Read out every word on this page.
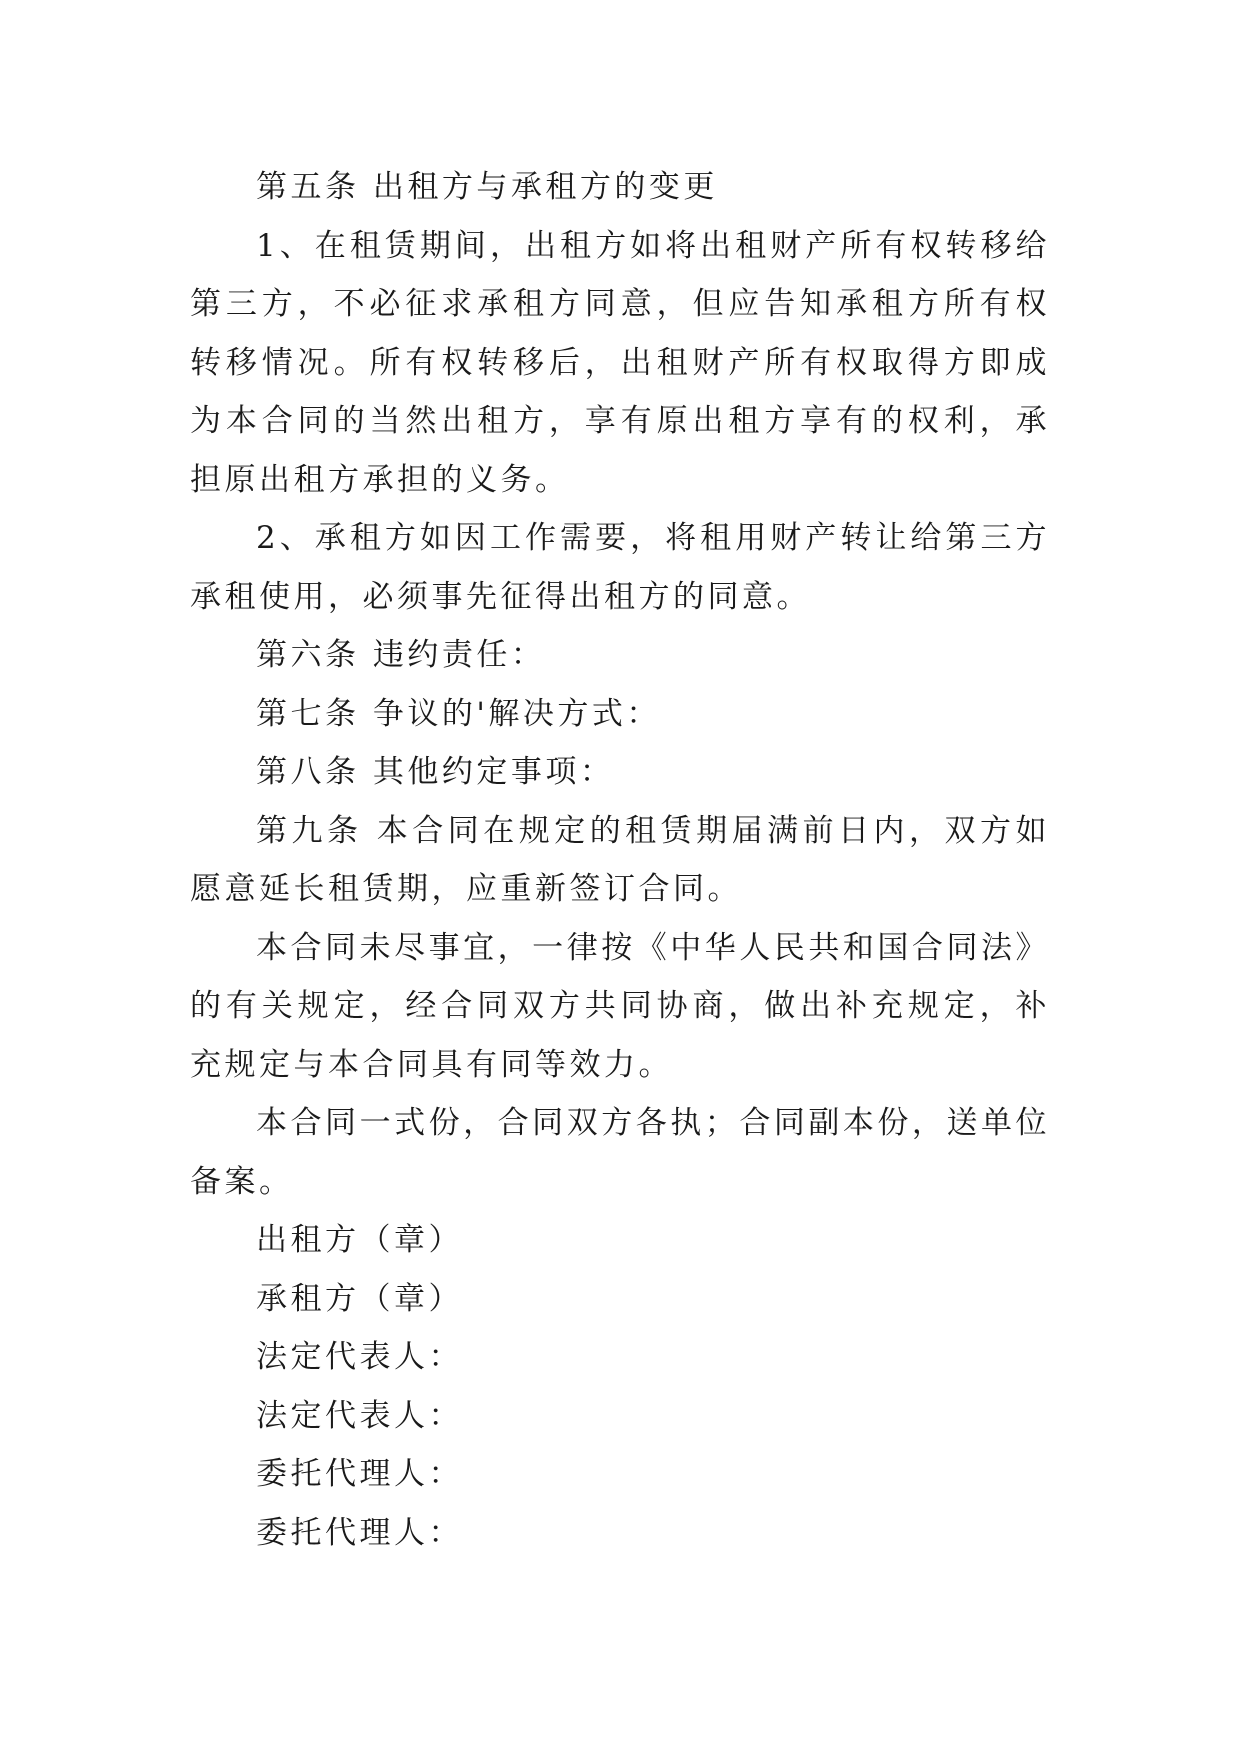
第五条 出租方与承租方的变更

1、在租赁期间，出租方如将出租财产所有权转移给第三方，不必征求承租方同意，但应告知承租方所有权转移情况。所有权转移后，出租财产所有权取得方即成为本合同的当然出租方，享有原出租方享有的权利，承担原出租方承担的义务。

2、承租方如因工作需要，将租用财产转让给第三方承租使用，必须事先征得出租方的同意。

第六条 违约责任：

第七条 争议的'解决方式：

第八条 其他约定事项：

第九条 本合同在规定的租赁期届满前日内，双方如愿意延长租赁期，应重新签订合同。

本合同未尽事宜，一律按《中华人民共和国合同法》的有关规定，经合同双方共同协商，做出补充规定，补充规定与本合同具有同等效力。

本合同一式份，合同双方各执；合同副本份，送单位备案。

出租方（章）

承租方（章）

法定代表人：

法定代表人：

委托代理人：

委托代理人：
